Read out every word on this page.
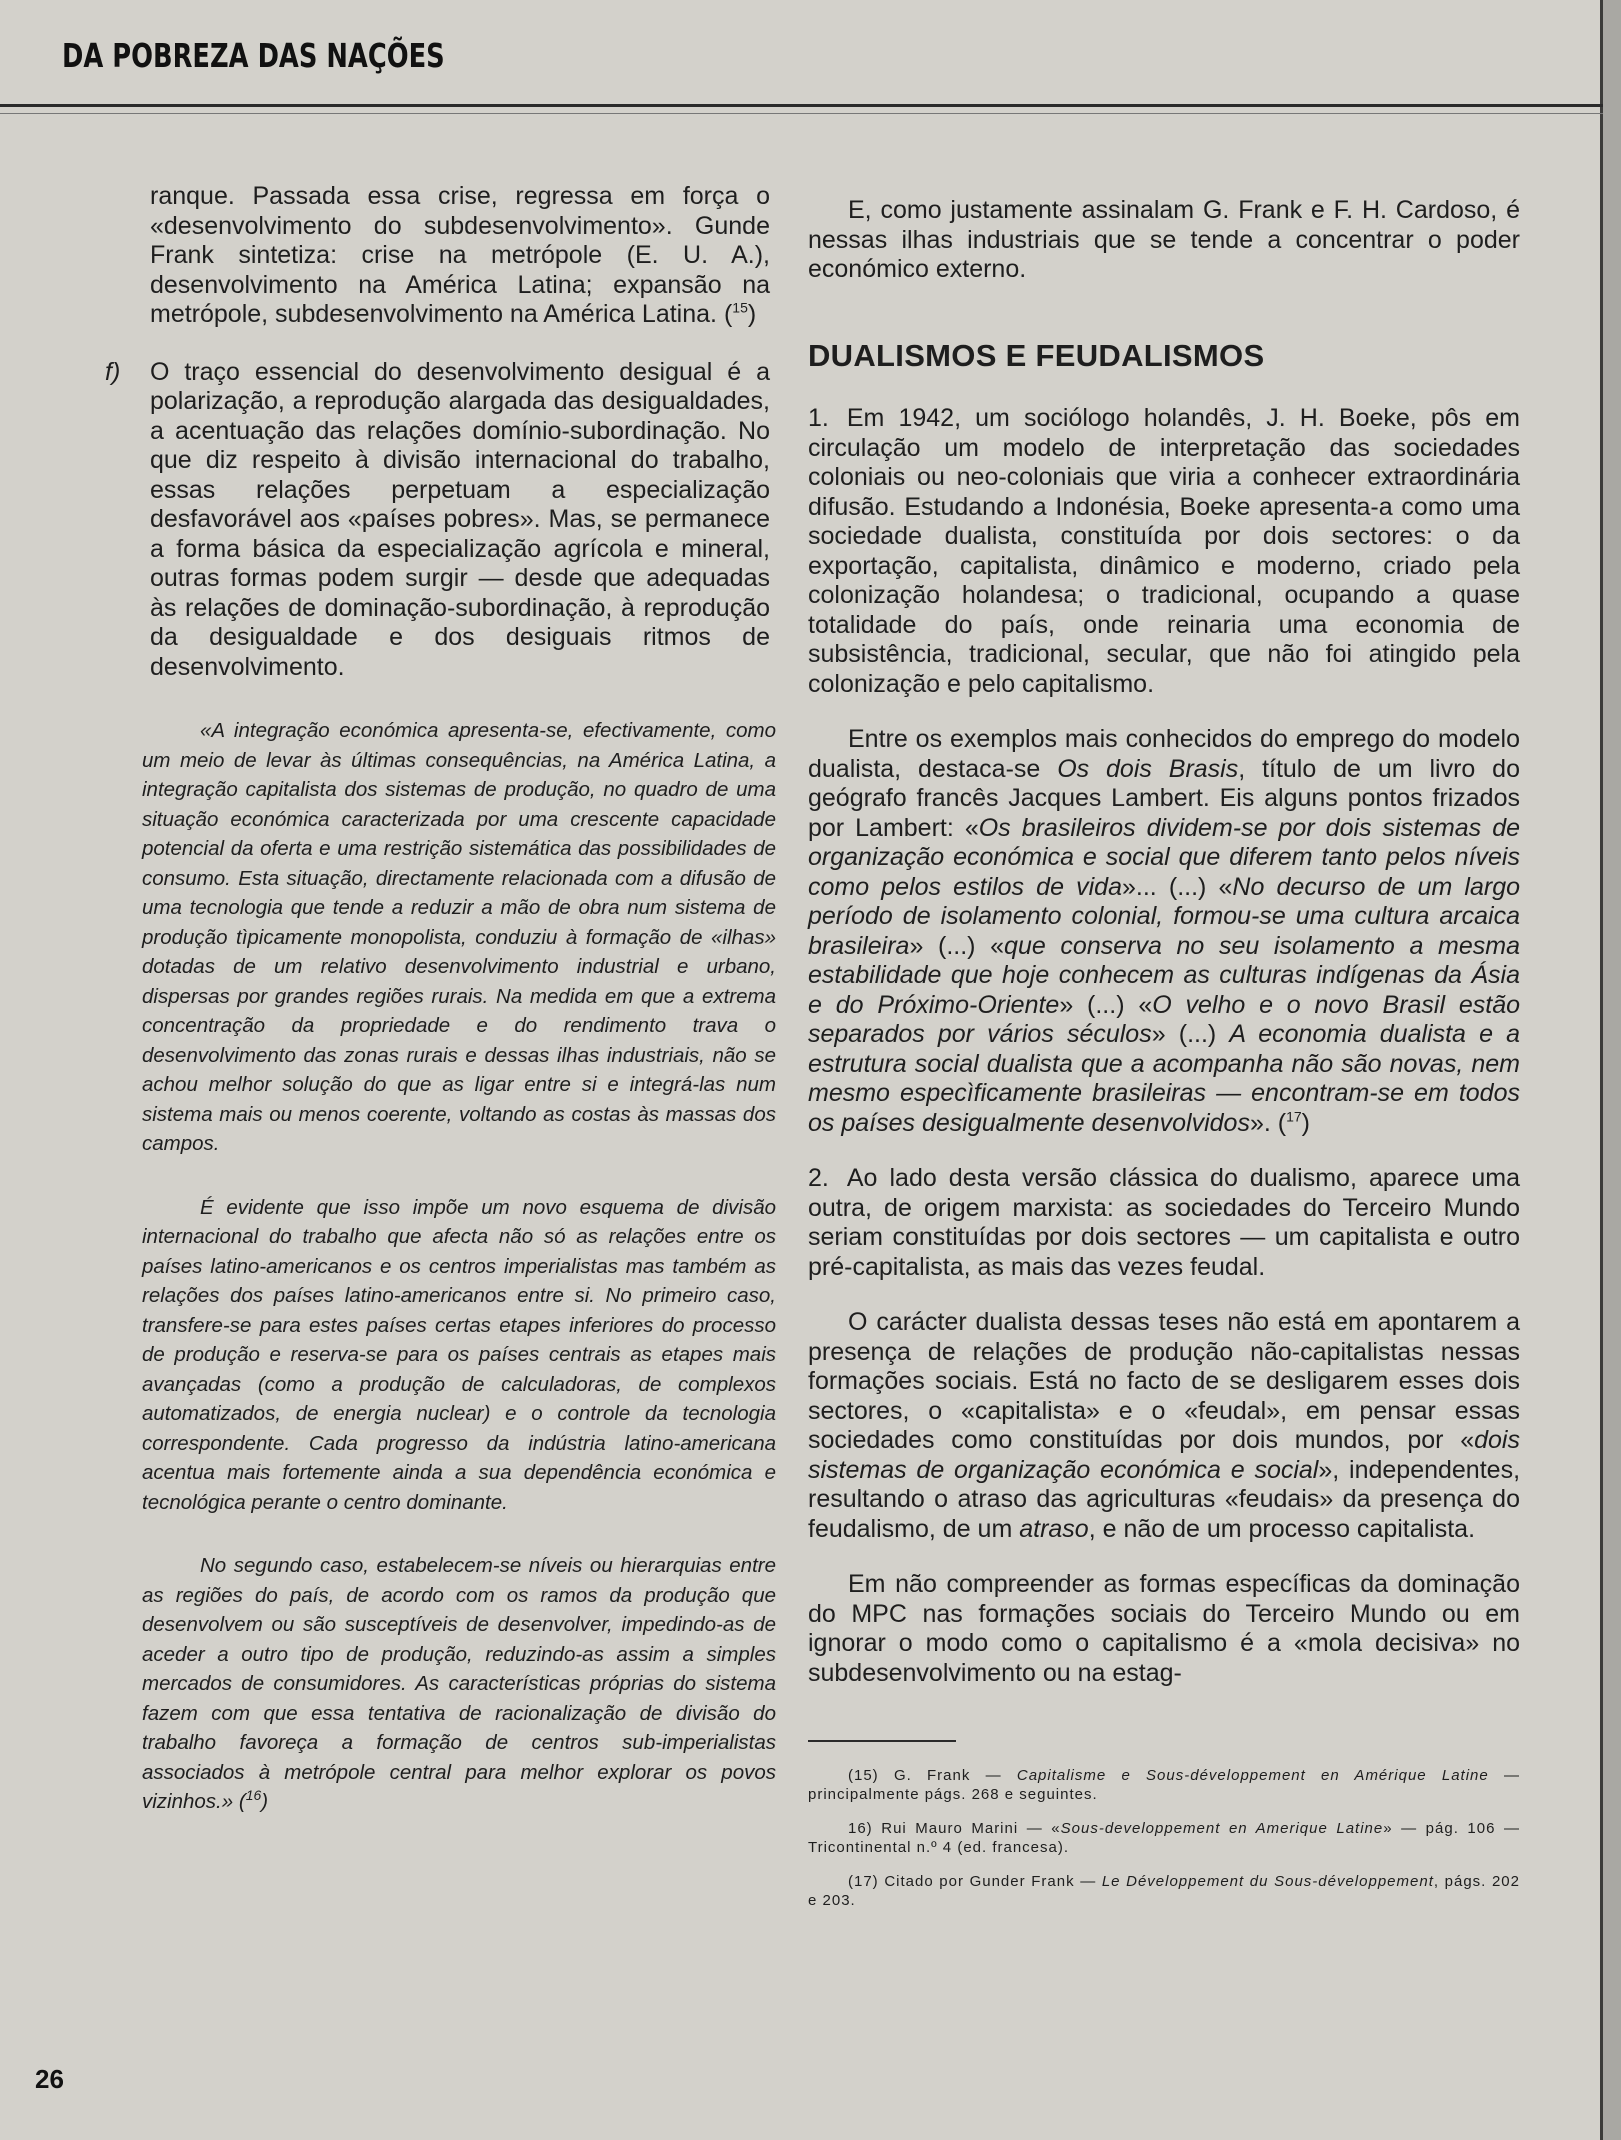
DA POBREZA DAS NAÇÕES

ranque. Passada essa crise, regressa em força o «desenvolvimento do subdesenvolvimento». Gunde Frank sintetiza: crise na metrópole (E. U. A.), desenvolvimento na América Latina; expansão na metrópole, subdesenvolvimento na América Latina. ($^{15}$)

f) O traço essencial do desenvolvimento desigual é a polarização, a reprodução alargada das desigualdades, a acentuação das relações domínio-subordinação. No que diz respeito à divisão internacional do trabalho, essas relações perpetuam a especialização desfavorável aos «países pobres». Mas, se permanece a forma básica da especialização agrícola e mineral, outras formas podem surgir — desde que adequadas às relações de dominação-subordinação, à reprodução da desigualdade e dos desiguais ritmos de desenvolvimento.

«A integração económica apresenta-se, efectivamente, como um meio de levar às últimas consequências, na América Latina, a integração capitalista dos sistemas de produção, no quadro de uma situação económica caracterizada por uma crescente capacidade potencial da oferta e uma restrição sistemática das possibilidades de consumo. Esta situação, directamente relacionada com a difusão de uma tecnologia que tende a reduzir a mão de obra num sistema de produção tìpicamente monopolista, conduziu à formação de «ilhas» dotadas de um relativo desenvolvimento industrial e urbano, dispersas por grandes regiões rurais. Na medida em que a extrema concentração da propriedade e do rendimento trava o desenvolvimento das zonas rurais e dessas ilhas industriais, não se achou melhor solução do que as ligar entre si e integrá-las num sistema mais ou menos coerente, voltando as costas às massas dos campos.

É evidente que isso impõe um novo esquema de divisão internacional do trabalho que afecta não só as relações entre os países latino-americanos e os centros imperialistas mas também as relações dos países latino-americanos entre si. No primeiro caso, transfere-se para estes países certas etapes inferiores do processo de produção e reserva-se para os países centrais as etapes mais avançadas (como a produção de calculadoras, de complexos automatizados, de energia nuclear) e o controle da tecnologia correspondente. Cada progresso da indústria latino-americana acentua mais fortemente ainda a sua dependência económica e tecnológica perante o centro dominante.

No segundo caso, estabelecem-se níveis ou hierarquias entre as regiões do país, de acordo com os ramos da produção que desenvolvem ou são susceptíveis de desenvolver, impedindo-as de aceder a outro tipo de produção, reduzindo-as assim a simples mercados de consumidores. As características próprias do sistema fazem com que essa tentativa de racionalização de divisão do trabalho favoreça a formação de centros sub-imperialistas associados à metrópole central para melhor explorar os povos vizinhos.» ($^{16}$)

E, como justamente assinalam G. Frank e F. H. Cardoso, é nessas ilhas industriais que se tende a concentrar o poder económico externo.

DUALISMOS E FEUDALISMOS

1. Em 1942, um sociólogo holandês, J. H. Boeke, pôs em circulação um modelo de interpretação das sociedades coloniais ou neo-coloniais que viria a conhecer extraordinária difusão. Estudando a Indonésia, Boeke apresenta-a como uma sociedade dualista, constituída por dois sectores: o da exportação, capitalista, dinâmico e moderno, criado pela colonização holandesa; o tradicional, ocupando a quase totalidade do país, onde reinaria uma economia de subsistência, tradicional, secular, que não foi atingido pela colonização e pelo capitalismo.

Entre os exemplos mais conhecidos do emprego do modelo dualista, destaca-se Os dois Brasis, título de um livro do geógrafo francês Jacques Lambert. Eis alguns pontos frizados por Lambert: «Os brasileiros dividem-se por dois sistemas de organização económica e social que diferem tanto pelos níveis como pelos estilos de vida»... (...) «No decurso de um largo período de isolamento colonial, formou-se uma cultura arcaica brasileira» (...) «que conserva no seu isolamento a mesma estabilidade que hoje conhecem as culturas indígenas da Ásia e do Próximo-Oriente» (...) «O velho e o novo Brasil estão separados por vários séculos» (...) A economia dualista e a estrutura social dualista que a acompanha não são novas, nem mesmo especìficamente brasileiras — encontram-se em todos os países desigualmente desenvolvidos». ($^{17}$)

2. Ao lado desta versão clássica do dualismo, aparece uma outra, de origem marxista: as sociedades do Terceiro Mundo seriam constituídas por dois sectores — um capitalista e outro pré-capitalista, as mais das vezes feudal.

O carácter dualista dessas teses não está em apontarem a presença de relações de produção não-capitalistas nessas formações sociais. Está no facto de se desligarem esses dois sectores, o «capitalista» e o «feudal», em pensar essas sociedades como constituídas por dois mundos, por «dois sistemas de organização económica e social», independentes, resultando o atraso das agriculturas «feudais» da presença do feudalismo, de um atraso, e não de um processo capitalista.

Em não compreender as formas específicas da dominação do MPC nas formações sociais do Terceiro Mundo ou em ignorar o modo como o capitalismo é a «mola decisiva» no subdesenvolvimento ou na estag-

(15) G. Frank — Capitalisme e Sous-développement en Amérique Latine — principalmente págs. 268 e seguintes.

16) Rui Mauro Marini — «Sous-developpement en Amerique Latine» — pág. 106 — Tricontinental n.º 4 (ed. francesa).

(17) Citado por Gunder Frank — Le Développement du Sous-développement, págs. 202 e 203.

26
